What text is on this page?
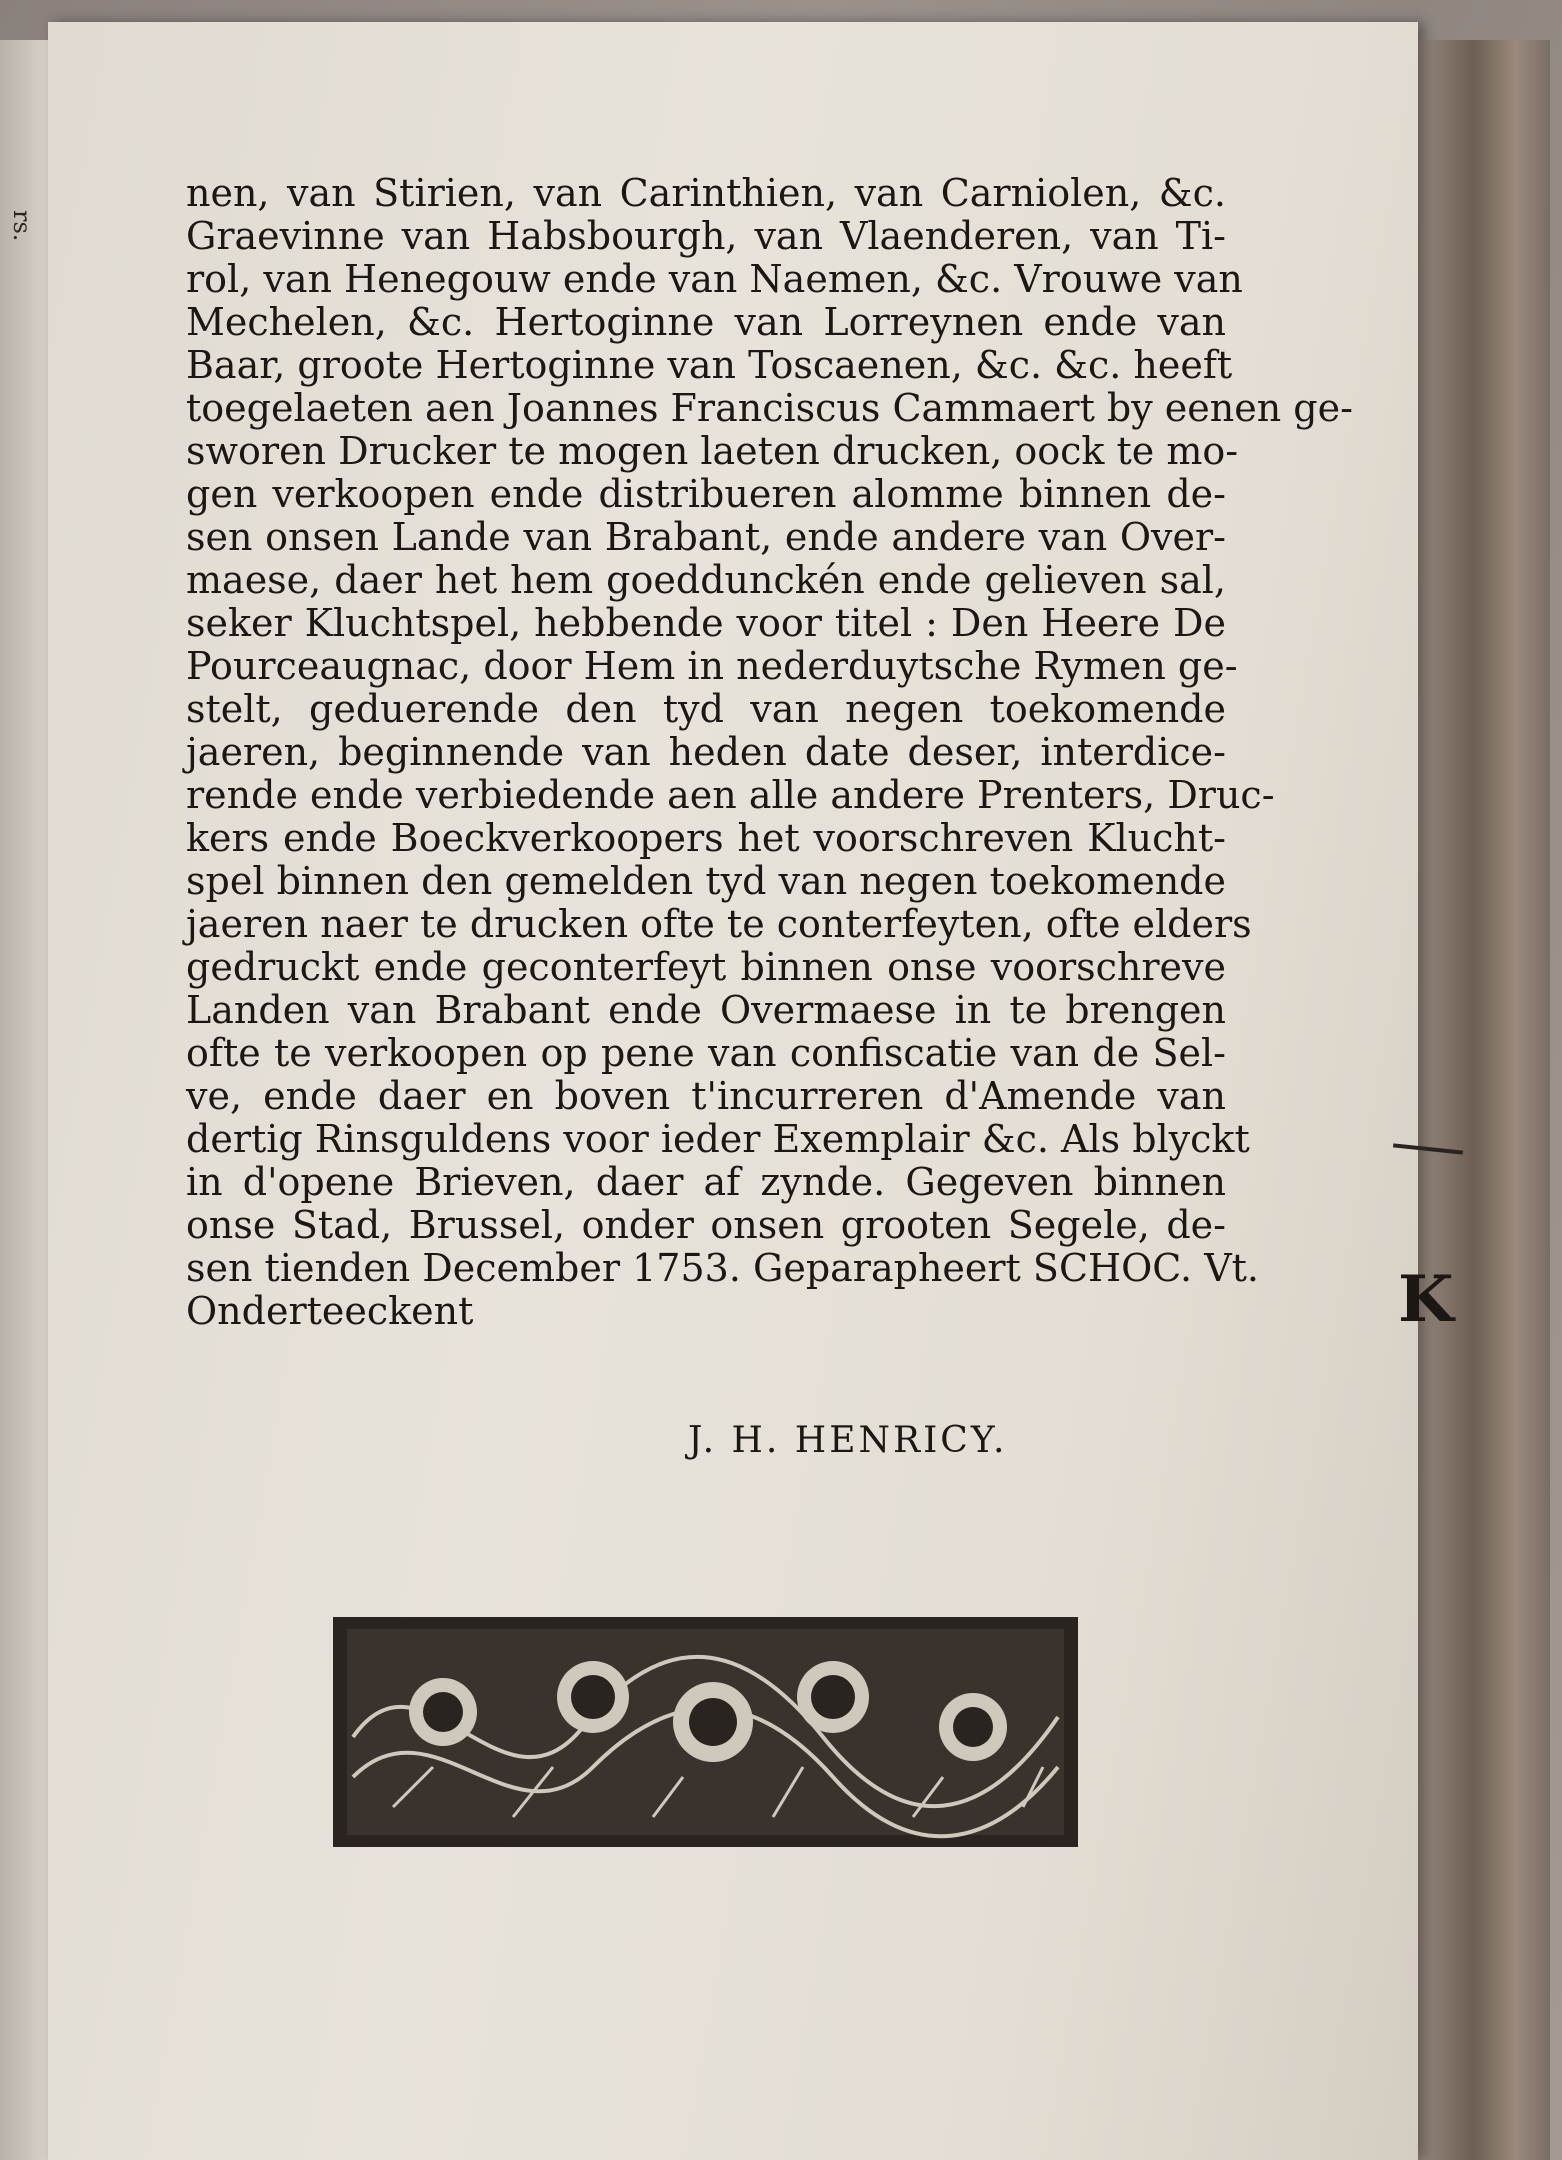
rs.
nen, van Stirien, van Carinthien, van Carniolen, &c.
Graevinne van Habsbourgh, van Vlaenderen, van Ti-
rol, van Henegouw ende van Naemen, &c. Vrouwe van
Mechelen, &c. Hertoginne van Lorreynen ende van
Baar, groote Hertoginne van Toscaenen, &c. &c. heeft
toegelaeten aen Joannes Franciscus Cammaert by eenen ge-
sworen Drucker te mogen laeten drucken, oock te mo-
gen verkoopen ende distribueren alomme binnen de-
sen onsen Lande van Brabant, ende andere van Over-
maese, daer het hem goeddunckén ende gelieven sal,
seker Kluchtspel, hebbende voor titel : Den Heere De
Pourceaugnac, door Hem in nederduytsche Rymen ge-
stelt, geduerende den tyd van negen toekomende
jaeren, beginnende van heden date deser, interdice-
rende ende verbiedende aen alle andere Prenters, Druc-
kers ende Boeckverkoopers het voorschreven Klucht-
spel binnen den gemelden tyd van negen toekomende
jaeren naer te drucken ofte te conterfeyten, ofte elders
gedruckt ende geconterfeyt binnen onse voorschreve
Landen van Brabant ende Overmaese in te brengen
ofte te verkoopen op pene van confiscatie van de Sel-
ve, ende daer en boven t'incurreren d'Amende van
dertig Rinsguldens voor ieder Exemplair &c. Als blyckt
in d'opene Brieven, daer af zynde. Gegeven binnen
onse Stad, Brussel, onder onsen grooten Segele, de-
sen tienden December 1753. Geparapheert SCHOC. Vt.
Onderteeckent
J. H. HENRICY.
K
